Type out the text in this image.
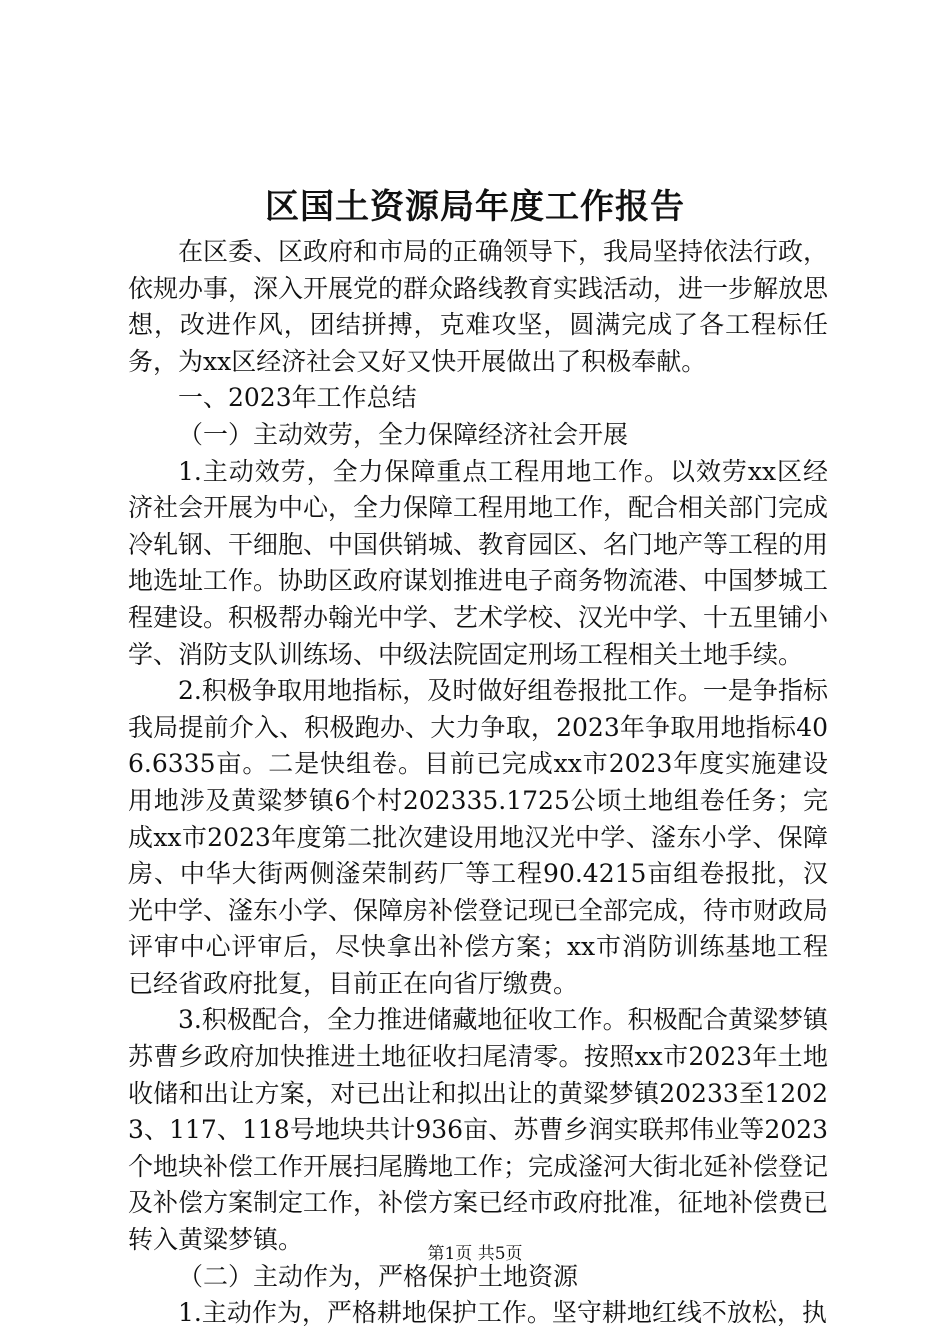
区国土资源局年度工作报告

在区委、区政府和市局的正确领导下，我局坚持依法行政，依规办事，深入开展党的群众路线教育实践活动，进一步解放思想，改进作风，团结拼搏，克难攻坚，圆满完成了各工程标任务，为xx区经济社会又好又快开展做出了积极奉献。

一、2023年工作总结

（一）主动效劳，全力保障经济社会开展

1.主动效劳，全力保障重点工程用地工作。以效劳xx区经济社会开展为中心，全力保障工程用地工作，配合相关部门完成冷轧钢、干细胞、中国供销城、教育园区、名门地产等工程的用地选址工作。协助区政府谋划推进电子商务物流港、中国梦城工程建设。积极帮办翰光中学、艺术学校、汉光中学、十五里铺小学、消防支队训练场、中级法院固定刑场工程相关土地手续。

2.积极争取用地指标，及时做好组卷报批工作。一是争指标我局提前介入、积极跑办、大力争取，2023年争取用地指标406.6335亩。二是快组卷。目前已完成xx市2023年度实施建设用地涉及黄粱梦镇6个村202335.1725公顷土地组卷任务；完成xx市2023年度第二批次建设用地汉光中学、滏东小学、保障房、中华大街两侧滏荣制药厂等工程90.4215亩组卷报批，汉光中学、滏东小学、保障房补偿登记现已全部完成，待市财政局评审中心评审后，尽快拿出补偿方案；xx市消防训练基地工程已经省政府批复，目前正在向省厅缴费。

3.积极配合，全力推进储藏地征收工作。积极配合黄粱梦镇苏曹乡政府加快推进土地征收扫尾清零。按照xx市2023年土地收储和出让方案，对已出让和拟出让的黄粱梦镇20233至12023、117、118号地块共计936亩、苏曹乡润实联邦伟业等2023个地块补偿工作开展扫尾腾地工作；完成滏河大街北延补偿登记及补偿方案制定工作，补偿方案已经市政府批准，征地补偿费已转入黄粱梦镇。

（二）主动作为，严格保护土地资源

1.主动作为，严格耕地保护工作。坚守耕地红线不放松，执

第1页 共5页
